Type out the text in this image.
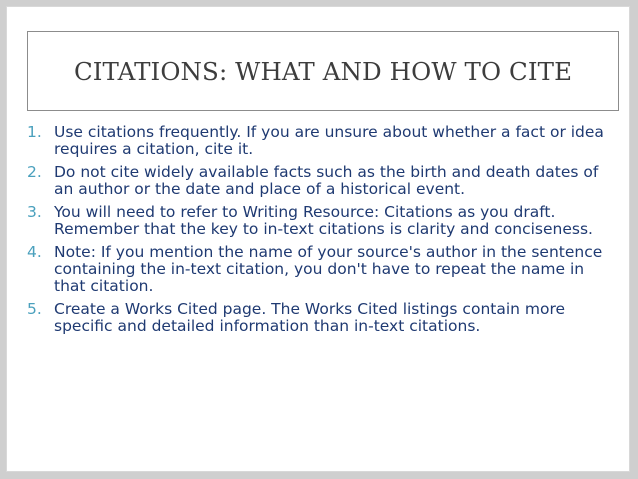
CITATIONS: WHAT AND HOW TO CITE
1. Use citations frequently. If you are unsure about whether a fact or idea requires a citation, cite it.
2. Do not cite widely available facts such as the birth and death dates of an author or the date and place of a historical event.
3. You will need to refer to Writing Resource: Citations as you draft. Remember that the key to in-text citations is clarity and conciseness.
4. Note: If you mention the name of your source's author in the sentence containing the in-text citation, you don't have to repeat the name in that citation.
5. Create a Works Cited page. The Works Cited listings contain more specific and detailed information than in-text citations.
